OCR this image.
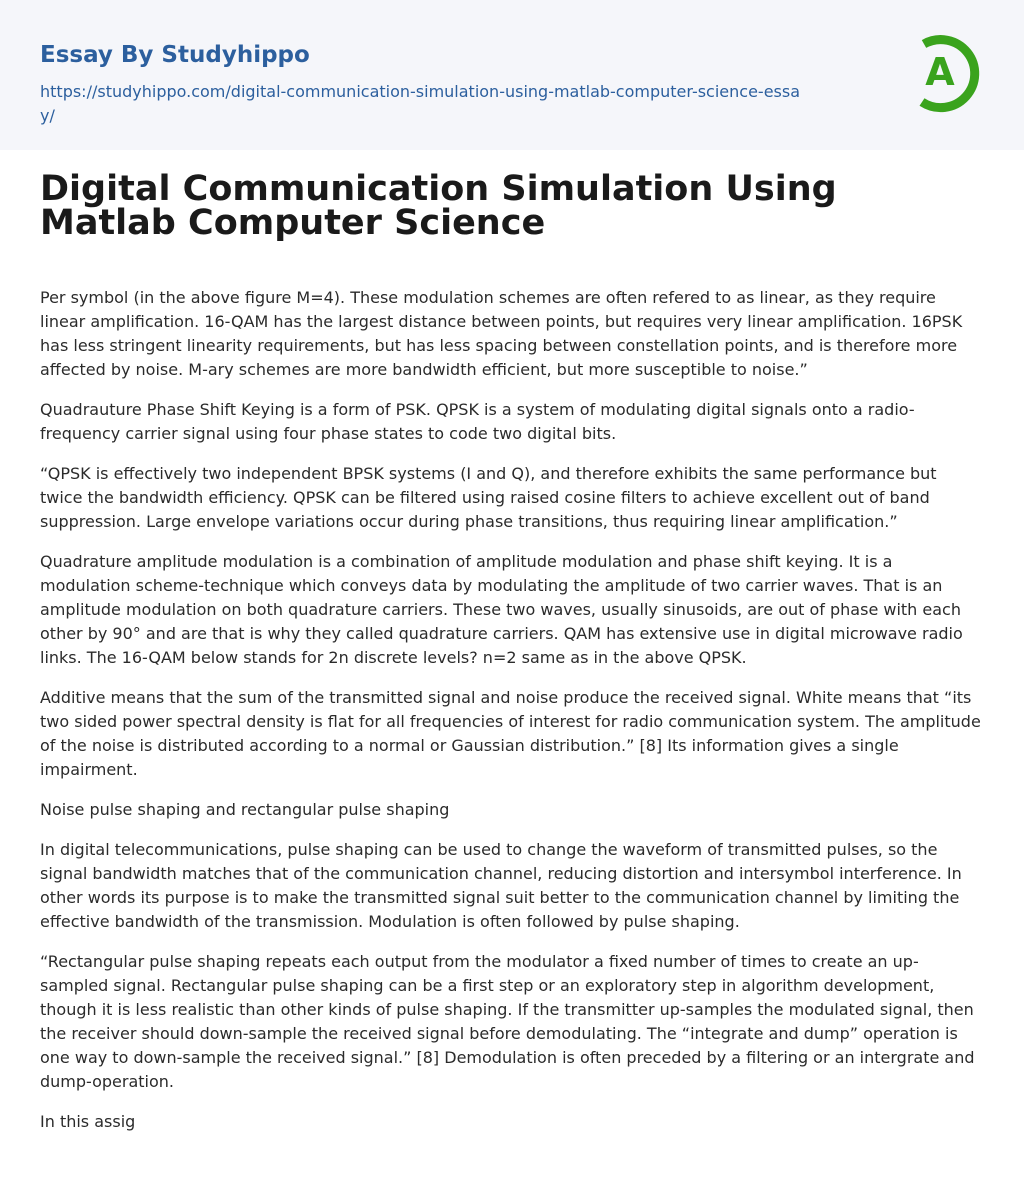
Essay By Studyhippo
https://studyhippo.com/digital-communication-simulation-using-matlab-computer-science-essay/
A
Digital Communication Simulation Using Matlab Computer Science

Per symbol (in the above figure M=4). These modulation schemes are often refered to as linear, as they require linear amplification. 16-QAM has the largest distance between points, but requires very linear amplification. 16PSK has less stringent linearity requirements, but has less spacing between constellation points, and is therefore more affected by noise. M-ary schemes are more bandwidth efficient, but more susceptible to noise.”

Quadrauture Phase Shift Keying is a form of PSK. QPSK is a system of modulating digital signals onto a radio-frequency carrier signal using four phase states to code two digital bits.

“QPSK is effectively two independent BPSK systems (I and Q), and therefore exhibits the same performance but twice the bandwidth efficiency. QPSK can be filtered using raised cosine filters to achieve excellent out of band suppression. Large envelope variations occur during phase transitions, thus requiring linear amplification.”

Quadrature amplitude modulation is a combination of amplitude modulation and phase shift keying. It is a modulation scheme-technique which conveys data by modulating the amplitude of two carrier waves. That is an amplitude modulation on both quadrature carriers. These two waves, usually sinusoids, are out of phase with each other by 90° and are that is why they called quadrature carriers. QAM has extensive use in digital microwave radio links. The 16-QAM below stands for 2n discrete levels? n=2 same as in the above QPSK.

Additive means that the sum of the transmitted signal and noise produce the received signal. White means that “its two sided power spectral density is flat for all frequencies of interest for radio communication system. The amplitude of the noise is distributed according to a normal or Gaussian distribution.” [8] Its information gives a single impairment.

Noise pulse shaping and rectangular pulse shaping

In digital telecommunications, pulse shaping can be used to change the waveform of transmitted pulses, so the signal bandwidth matches that of the communication channel, reducing distortion and intersymbol interference. In other words its purpose is to make the transmitted signal suit better to the communication channel by limiting the effective bandwidth of the transmission. Modulation is often followed by pulse shaping.

“Rectangular pulse shaping repeats each output from the modulator a fixed number of times to create an up-sampled signal. Rectangular pulse shaping can be a first step or an exploratory step in algorithm development, though it is less realistic than other kinds of pulse shaping. If the transmitter up-samples the modulated signal, then the receiver should down-sample the received signal before demodulating. The “integrate and dump” operation is one way to down-sample the received signal.” [8] Demodulation is often preceded by a filtering or an intergrate and dump-operation.

In this assig
